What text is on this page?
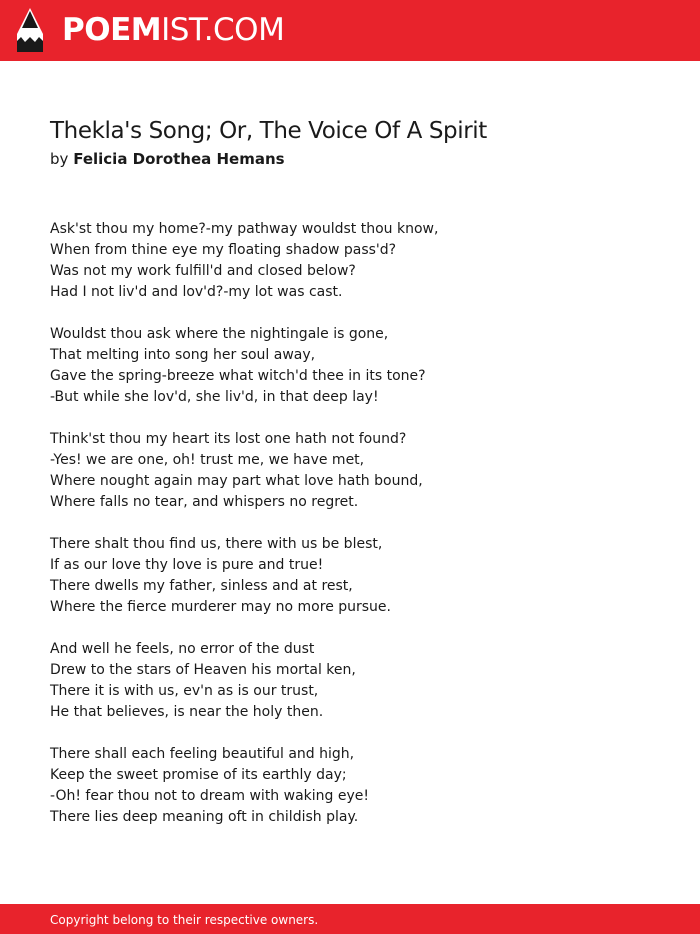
POEMIST.COM
Thekla's Song; Or, The Voice Of A Spirit
by Felicia Dorothea Hemans
Ask'st thou my home?-my pathway wouldst thou know,
When from thine eye my floating shadow pass'd?
Was not my work fulfill'd and closed below?
Had I not liv'd and lov'd?-my lot was cast.
Wouldst thou ask where the nightingale is gone,
That melting into song her soul away,
Gave the spring-breeze what witch'd thee in its tone?
-But while she lov'd, she liv'd, in that deep lay!
Think'st thou my heart its lost one hath not found?
-Yes! we are one, oh! trust me, we have met,
Where nought again may part what love hath bound,
Where falls no tear, and whispers no regret.
There shalt thou find us, there with us be blest,
If as our love thy love is pure and true!
There dwells my father, sinless and at rest,
Where the fierce murderer may no more pursue.
And well he feels, no error of the dust
Drew to the stars of Heaven his mortal ken,
There it is with us, ev'n as is our trust,
He that believes, is near the holy then.
There shall each feeling beautiful and high,
Keep the sweet promise of its earthly day;
-Oh! fear thou not to dream with waking eye!
There lies deep meaning oft in childish play.
Copyright belong to their respective owners.
